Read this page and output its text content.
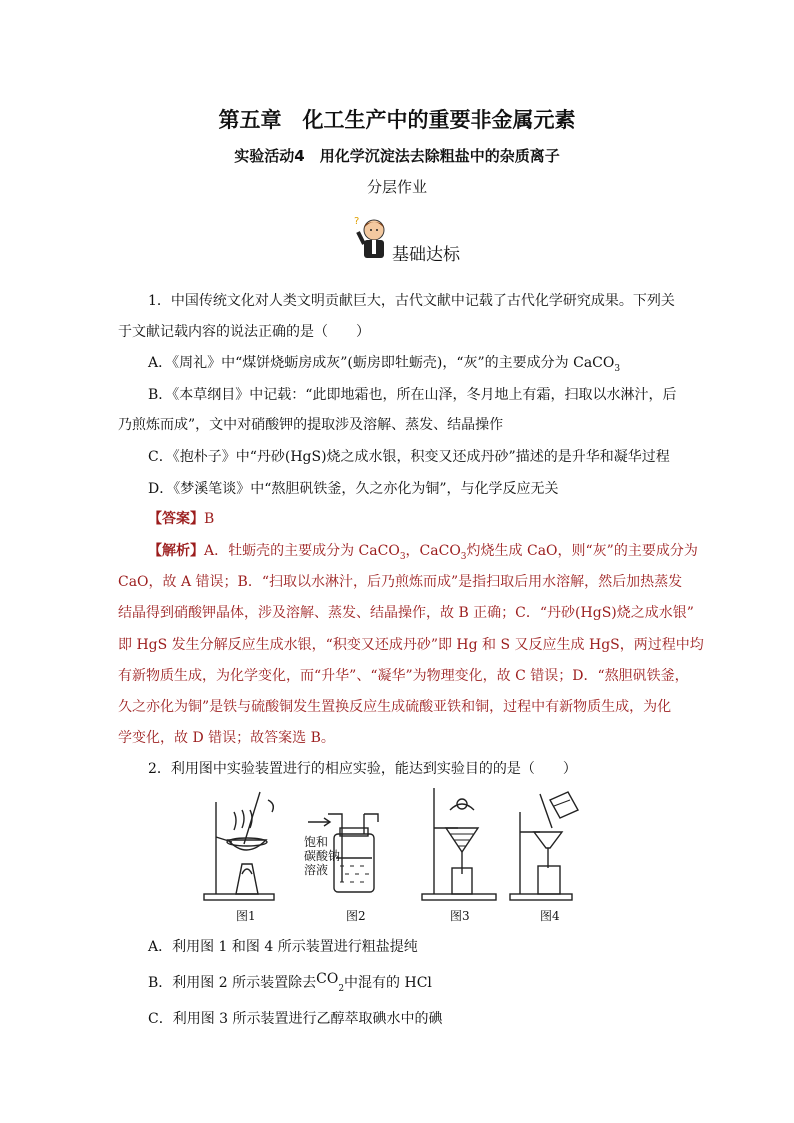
第五章　化工生产中的重要非金属元素
实验活动4　用化学沉淀法去除粗盐中的杂质离子
分层作业
?
基础达标
1．中国传统文化对人类文明贡献巨大，古代文献中记载了古代化学研究成果。下列关
于文献记载内容的说法正确的是（　　）
A．《周礼》中“煤饼烧蛎房成灰”(蛎房即牡蛎壳)，“灰”的主要成分为 CaCO$_3$
B．《本草纲目》中记载：“此即地霜也，所在山泽，冬月地上有霜，扫取以水淋汁，后
乃煎炼而成”，文中对硝酸钾的提取涉及溶解、蒸发、结晶操作
C．《抱朴子》中“丹砂(HgS)烧之成水银，积变又还成丹砂”描述的是升华和凝华过程
D．《梦溪笔谈》中“熬胆矾铁釜，久之亦化为铜”，与化学反应无关
【答案】B
【解析】A．牡蛎壳的主要成分为 CaCO$_3$，CaCO$_3$灼烧生成 CaO，则“灰”的主要成分为
CaO，故 A 错误；B．“扫取以水淋汁，后乃煎炼而成”是指扫取后用水溶解，然后加热蒸发
结晶得到硝酸钾晶体，涉及溶解、蒸发、结晶操作，故 B 正确；C．“丹砂(HgS)烧之成水银”
即 HgS 发生分解反应生成水银，“积变又还成丹砂”即 Hg 和 S 又反应生成 HgS，两过程中均
有新物质生成，为化学变化，而“升华”、“凝华”为物理变化，故 C 错误；D．“熬胆矾铁釜，
久之亦化为铜”是铁与硫酸铜发生置换反应生成硫酸亚铁和铜，过程中有新物质生成，为化
学变化，故 D 错误；故答案选 B。
2．利用图中实验装置进行的相应实验，能达到实验目的的是（　　）
饱和
碳酸钠
溶液
图1	图2	图3	图4
A．利用图 1 和图 4 所示装置进行粗盐提纯
B．利用图 2 所示装置除去$CO_2$中混有的 HCl
C．利用图 3 所示装置进行乙醇萃取碘水中的碘
